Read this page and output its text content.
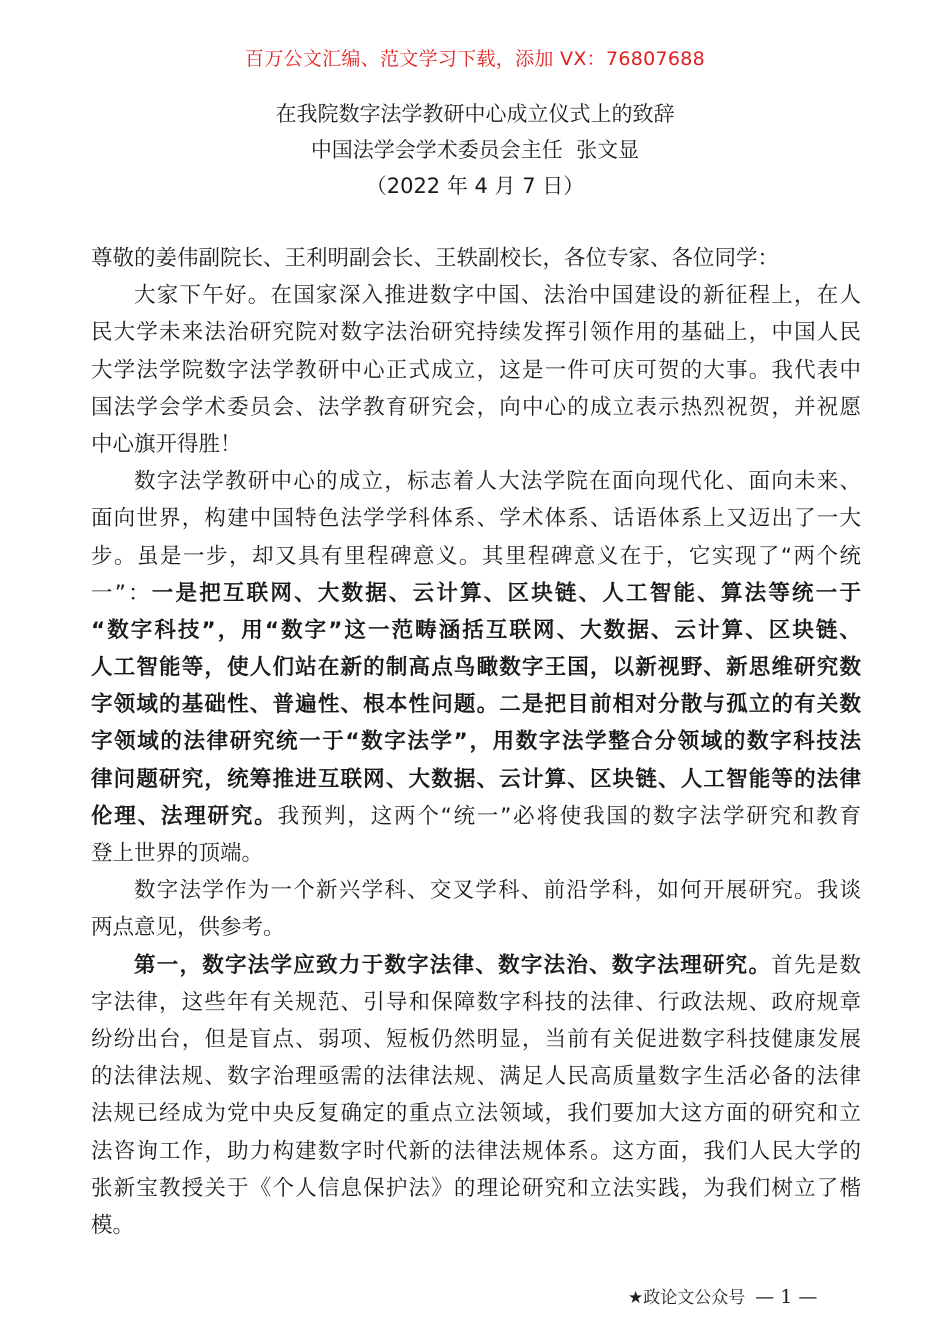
百万公文汇编、范文学习下载，添加 VX：76807688
在我院数字法学教研中心成立仪式上的致辞
中国法学会学术委员会主任  张文显
（2022 年 4 月 7 日）
尊敬的姜伟副院长、王利明副会长、王轶副校长，各位专家、各位同学：
大家下午好。在国家深入推进数字中国、法治中国建设的新征程上，在人
民大学未来法治研究院对数字法治研究持续发挥引领作用的基础上，中国人民
大学法学院数字法学教研中心正式成立，这是一件可庆可贺的大事。我代表中
国法学会学术委员会、法学教育研究会，向中心的成立表示热烈祝贺，并祝愿
中心旗开得胜！
数字法学教研中心的成立，标志着人大法学院在面向现代化、面向未来、
面向世界，构建中国特色法学学科体系、学术体系、话语体系上又迈出了一大
步。虽是一步，却又具有里程碑意义。其里程碑意义在于，它实现了“两个统
一”：一是把互联网、大数据、云计算、区块链、人工智能、算法等统一于
“数字科技”，用“数字”这一范畴涵括互联网、大数据、云计算、区块链、
人工智能等，使人们站在新的制高点鸟瞰数字王国，以新视野、新思维研究数
字领域的基础性、普遍性、根本性问题。二是把目前相对分散与孤立的有关数
字领域的法律研究统一于“数字法学”，用数字法学整合分领域的数字科技法
律问题研究，统筹推进互联网、大数据、云计算、区块链、人工智能等的法律
伦理、法理研究。我预判，这两个“统一”必将使我国的数字法学研究和教育
登上世界的顶端。
数字法学作为一个新兴学科、交叉学科、前沿学科，如何开展研究。我谈
两点意见，供参考。
第一，数字法学应致力于数字法律、数字法治、数字法理研究。首先是数
字法律，这些年有关规范、引导和保障数字科技的法律、行政法规、政府规章
纷纷出台，但是盲点、弱项、短板仍然明显，当前有关促进数字科技健康发展
的法律法规、数字治理亟需的法律法规、满足人民高质量数字生活必备的法律
法规已经成为党中央反复确定的重点立法领域，我们要加大这方面的研究和立
法咨询工作，助力构建数字时代新的法律法规体系。这方面，我们人民大学的
张新宝教授关于《个人信息保护法》的理论研究和立法实践，为我们树立了楷
模。
★政论文公众号 — 1 —
